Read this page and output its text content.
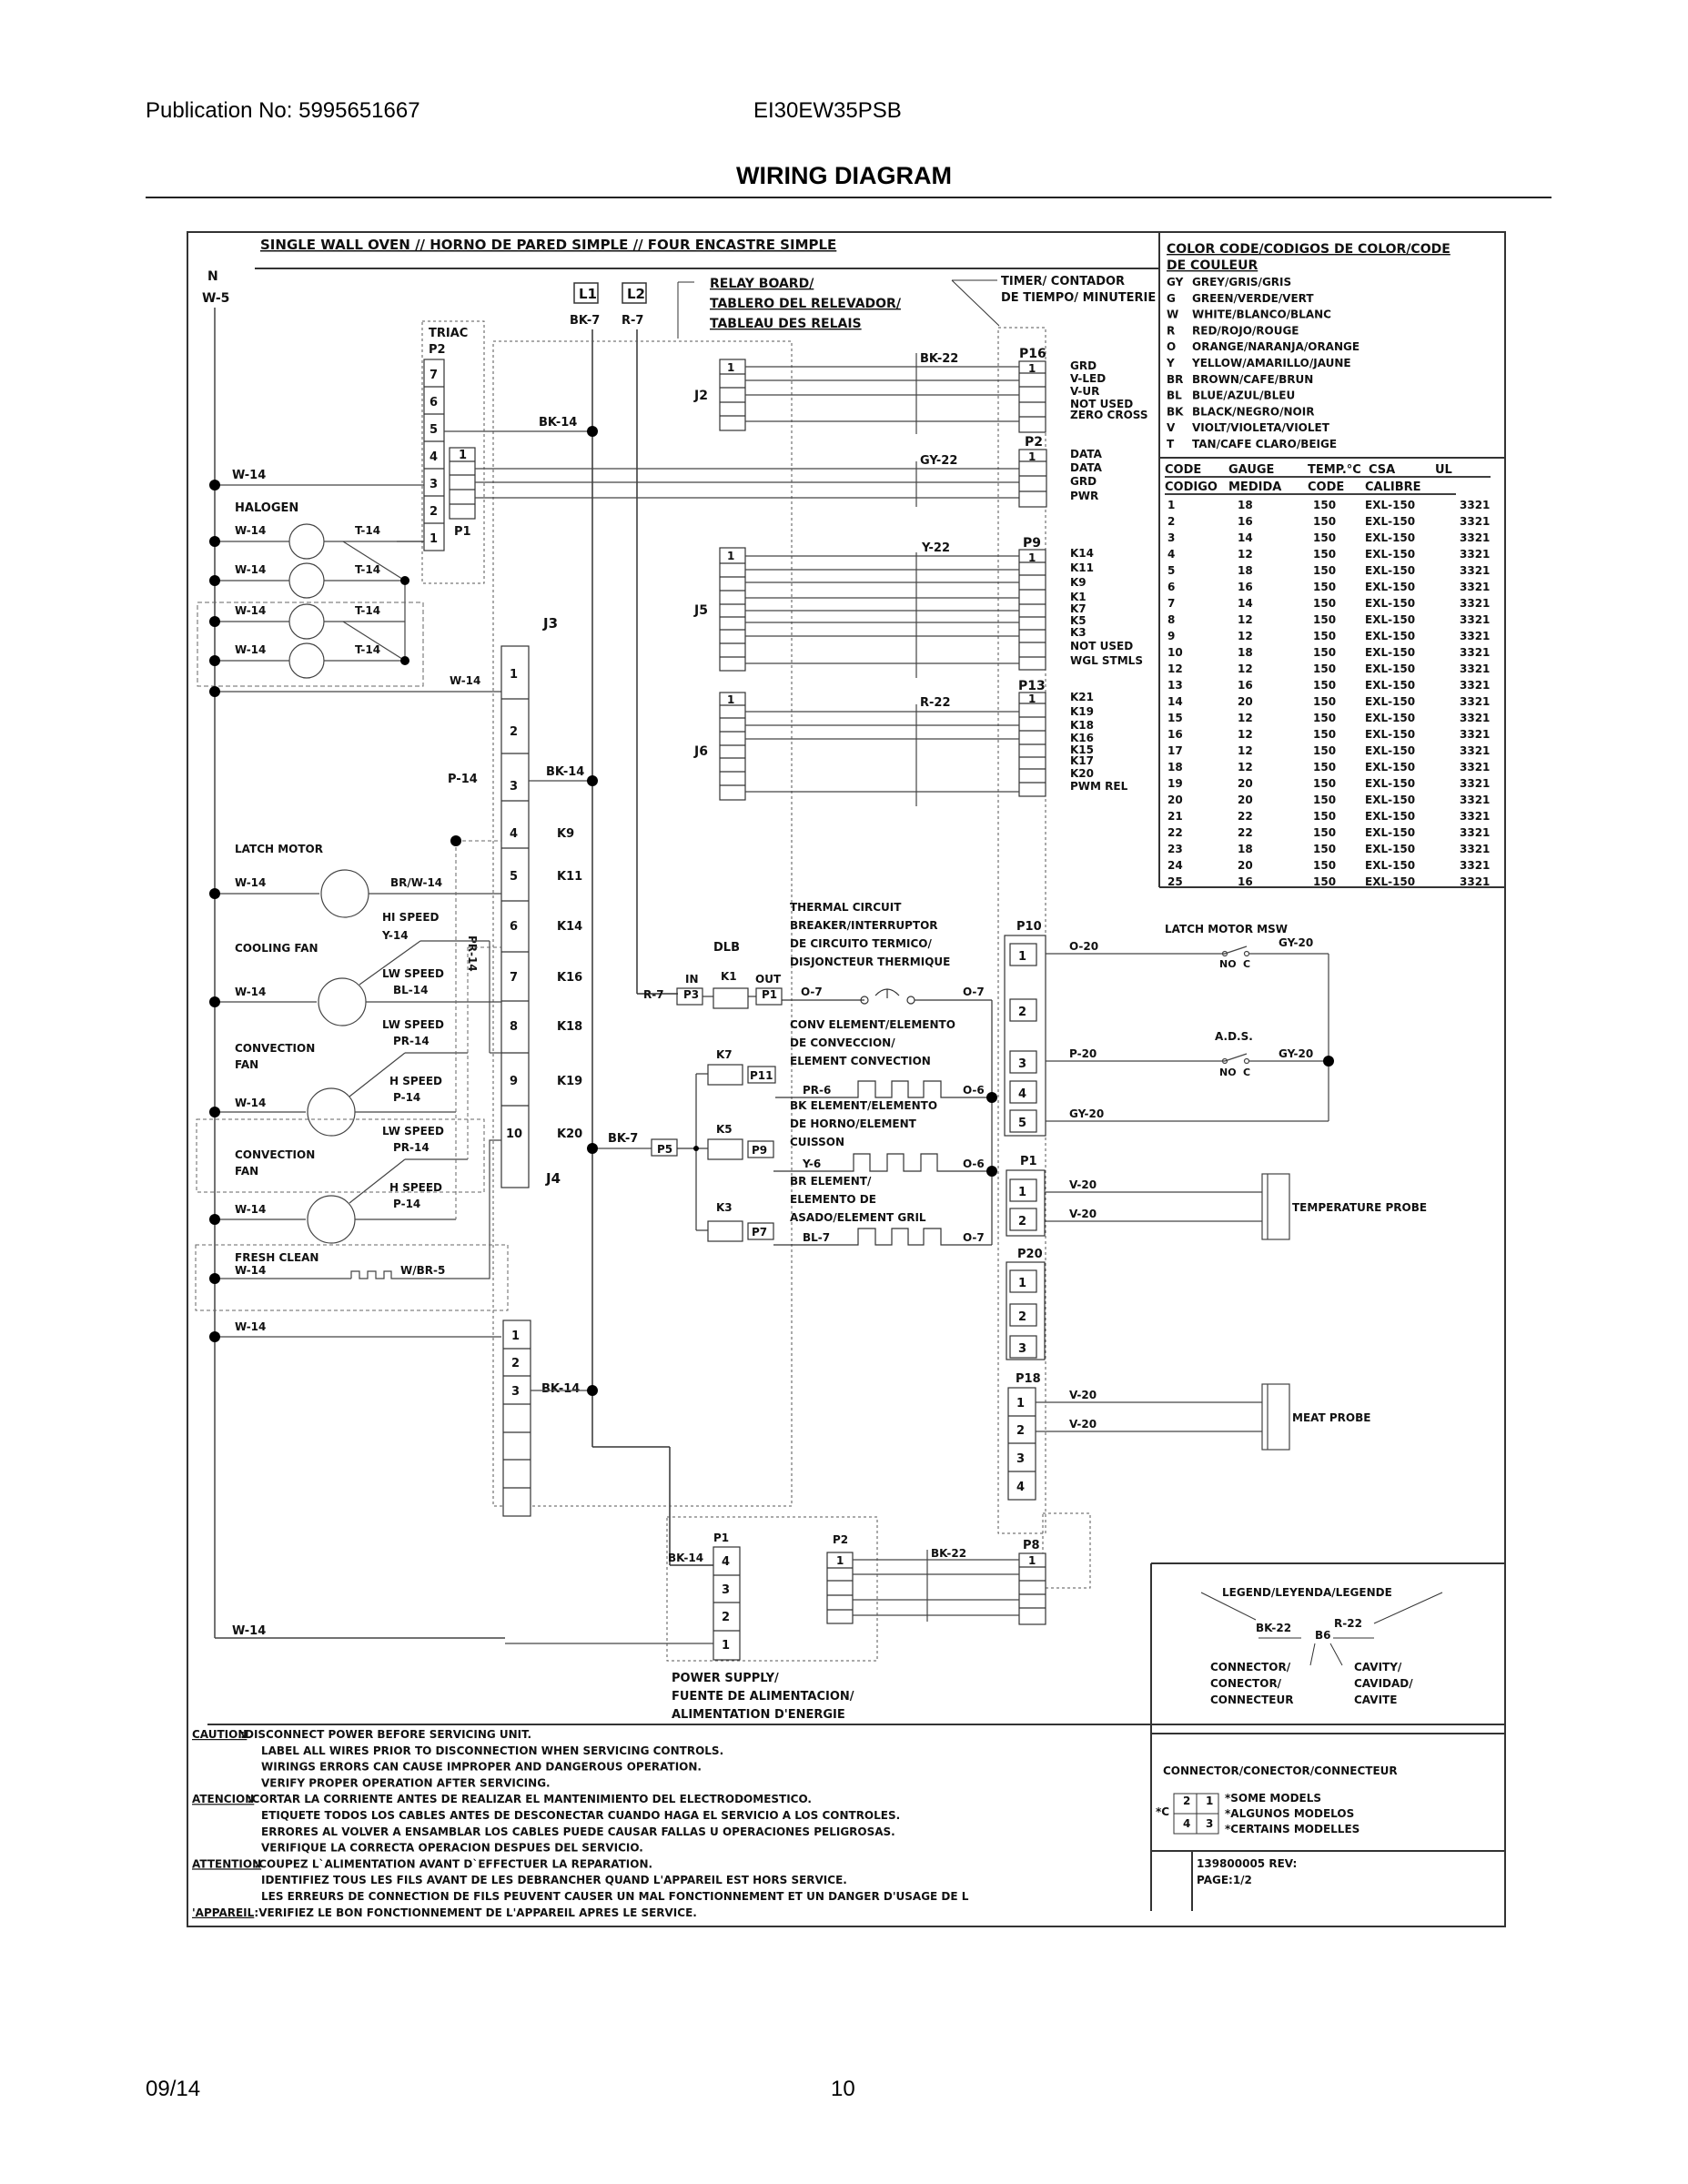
Publication No: 5995651667	EI30EW35PSB
WIRING DIAGRAM
SINGLE WALL OVEN // HORNO DE PARED SIMPLE // FOUR ENCASTRE SIMPLE
N
W-5
W-14
L1 L2
BK-7 R-7
RELAY BOARD/
TABLERO DEL RELEVADOR/
TABLEAU DES RELAIS
TIMER/ CONTADOR
DE TIEMPO/ MINUTERIE
TRIAC
P2
7
6
5
4
3
2
1
1
P1
BK-14
W-14
HALOGEN
W-14	T-14
W-14	T-14
W-14	T-14
W-14	T-14
W-14
J3
1
2
3
4
5
6
7
8
9
10
K9
K11
K14
K16
K18
K19
K20
BK-14
P-14
BK-7
J4
LATCH MOTOR
W-14	BR/W-14
HI SPEED
Y-14
COOLING FAN
LW SPEED
BL-14
W-14
LW SPEED
PR-14
CONVECTION
FAN
H SPEED
P-14
W-14
LW SPEED
PR-14
CONVECTION
FAN
H SPEED
P-14
W-14
FRESH CLEAN
W-14	W/BR-5
W-14
PR-14
1
2
3 BK-14
J2
1
J5
1
J6
1
BK-22
GY-22
Y-22
R-22
P16
1
P2
1
P9
1
P13
1
GRD
V-LED
V-UR
NOT USED
ZERO CROSS
DATA
DATA
GRD
PWR
K14
K11
K9
K1
K7
K5
K3
NOT USED
WGL STMLS
K21
K19
K18
K16
K15
K17
K20
PWM REL
DLB
IN K1 OUT
P3	P1
R-7
THERMAL CIRCUIT
BREAKER/INTERRUPTOR
DE CIRCUITO TERMICO/
DISJONCTEUR THERMIQUE
O-7	O-7
CONV ELEMENT/ELEMENTO
DE CONVECCION/
ELEMENT CONVECTION
PR-6	O-6
K7
P11
BK ELEMENT/ELEMENTO
DE HORNO/ELEMENT
CUISSON
Y-6	O-6
K5
P9
BR ELEMENT/
ELEMENTO DE
ASADO/ELEMENT GRIL
BL-7	O-7
K3
P7
P5
P10
1
2
3
4
5
P1
1
2
P20
1
2
3
P18
1
2
3
4
P8
1
LATCH MOTOR MSW
O-20	GY-20
NO C
A.D.S.
P-20	GY-20
NO C
GY-20
V-20
V-20	TEMPERATURE PROBE
V-20
V-20	MEAT PROBE
P1
BK-14 4
3
2
1
P2
1
BK-22
POWER SUPPLY/
FUENTE DE ALIMENTACION/
ALIMENTATION D'ENERGIE
COLOR CODE/CODIGOS DE COLOR/CODE
DE COULEUR
GY GREY/GRIS/GRIS
G GREEN/VERDE/VERT
W WHITE/BLANCO/BLANC
R RED/ROJO/ROUGE
O ORANGE/NARANJA/ORANGE
Y YELLOW/AMARILLO/JAUNE
BR BROWN/CAFE/BRUN
BL BLUE/AZUL/BLEU
BK BLACK/NEGRO/NOIR
V VIOLT/VIOLETA/VIOLET
T TAN/CAFE CLARO/BEIGE
CODE GAUGE	TEMP.°C CSA	UL
CODIGO MEDIDA CODE CALIBRE
1	18	150	EXL-150	3321
2	16	150	EXL-150	3321
3	14	150	EXL-150	3321
4	12	150	EXL-150	3321
5	18	150	EXL-150	3321
6	16	150	EXL-150	3321
7	14	150	EXL-150	3321
8	12	150	EXL-150	3321
9	12	150	EXL-150	3321
10	18	150	EXL-150	3321
12	12	150	EXL-150	3321
13	16	150	EXL-150	3321
14	20	150	EXL-150	3321
15	12	150	EXL-150	3321
16	12	150	EXL-150	3321
17	12	150	EXL-150	3321
18	12	150	EXL-150	3321
19	20	150	EXL-150	3321
20	20	150	EXL-150	3321
21	22	150	EXL-150	3321
22	22	150	EXL-150	3321
23	18	150	EXL-150	3321
24	20	150	EXL-150	3321
25	16	150	EXL-150	3321
LEGEND/LEYENDA/LEGENDE
BK-22	R-22
B6
CONNECTOR/
CONECTOR/
CONNECTEUR
CAVITY/
CAVIDAD/
CAVITE
CONNECTOR/CONECTOR/CONNECTEUR
*C
2 1
4 3
*SOME MODELS
*ALGUNOS MODELOS
*CERTAINS MODELLES
139800005 REV:
PAGE:1/2
CAUTION
:DISCONNECT POWER BEFORE SERVICING UNIT.
LABEL ALL WIRES PRIOR TO DISCONNECTION WHEN SERVICING CONTROLS.
WIRINGS ERRORS CAN CAUSE IMPROPER AND DANGEROUS OPERATION.
VERIFY PROPER OPERATION AFTER SERVICING.
ATENCION
:CORTAR LA CORRIENTE ANTES DE REALIZAR EL MANTENIMIENTO DEL ELECTRODOMESTICO.
ETIQUETE TODOS LOS CABLES ANTES DE DESCONECTAR CUANDO HAGA EL SERVICIO A LOS CONTROLES.
ERRORES AL VOLVER A ENSAMBLAR LOS CABLES PUEDE CAUSAR FALLAS U OPERACIONES PELIGROSAS.
VERIFIQUE LA CORRECTA OPERACION DESPUES DEL SERVICIO.
ATTENTION
:COUPEZ L`ALIMENTATION AVANT D`EFFECTUER LA REPARATION.
IDENTIFIEZ TOUS LES FILS AVANT DE LES DEBRANCHER QUAND L'APPAREIL EST HORS SERVICE.
LES ERREURS DE CONNECTION DE FILS PEUVENT CAUSER UN MAL FONCTIONNEMENT ET UN DANGER D'USAGE DE L
'APPAREIL :VERIFIEZ LE BON FONCTIONNEMENT DE L'APPAREIL APRES LE SERVICE.
09/14	10
